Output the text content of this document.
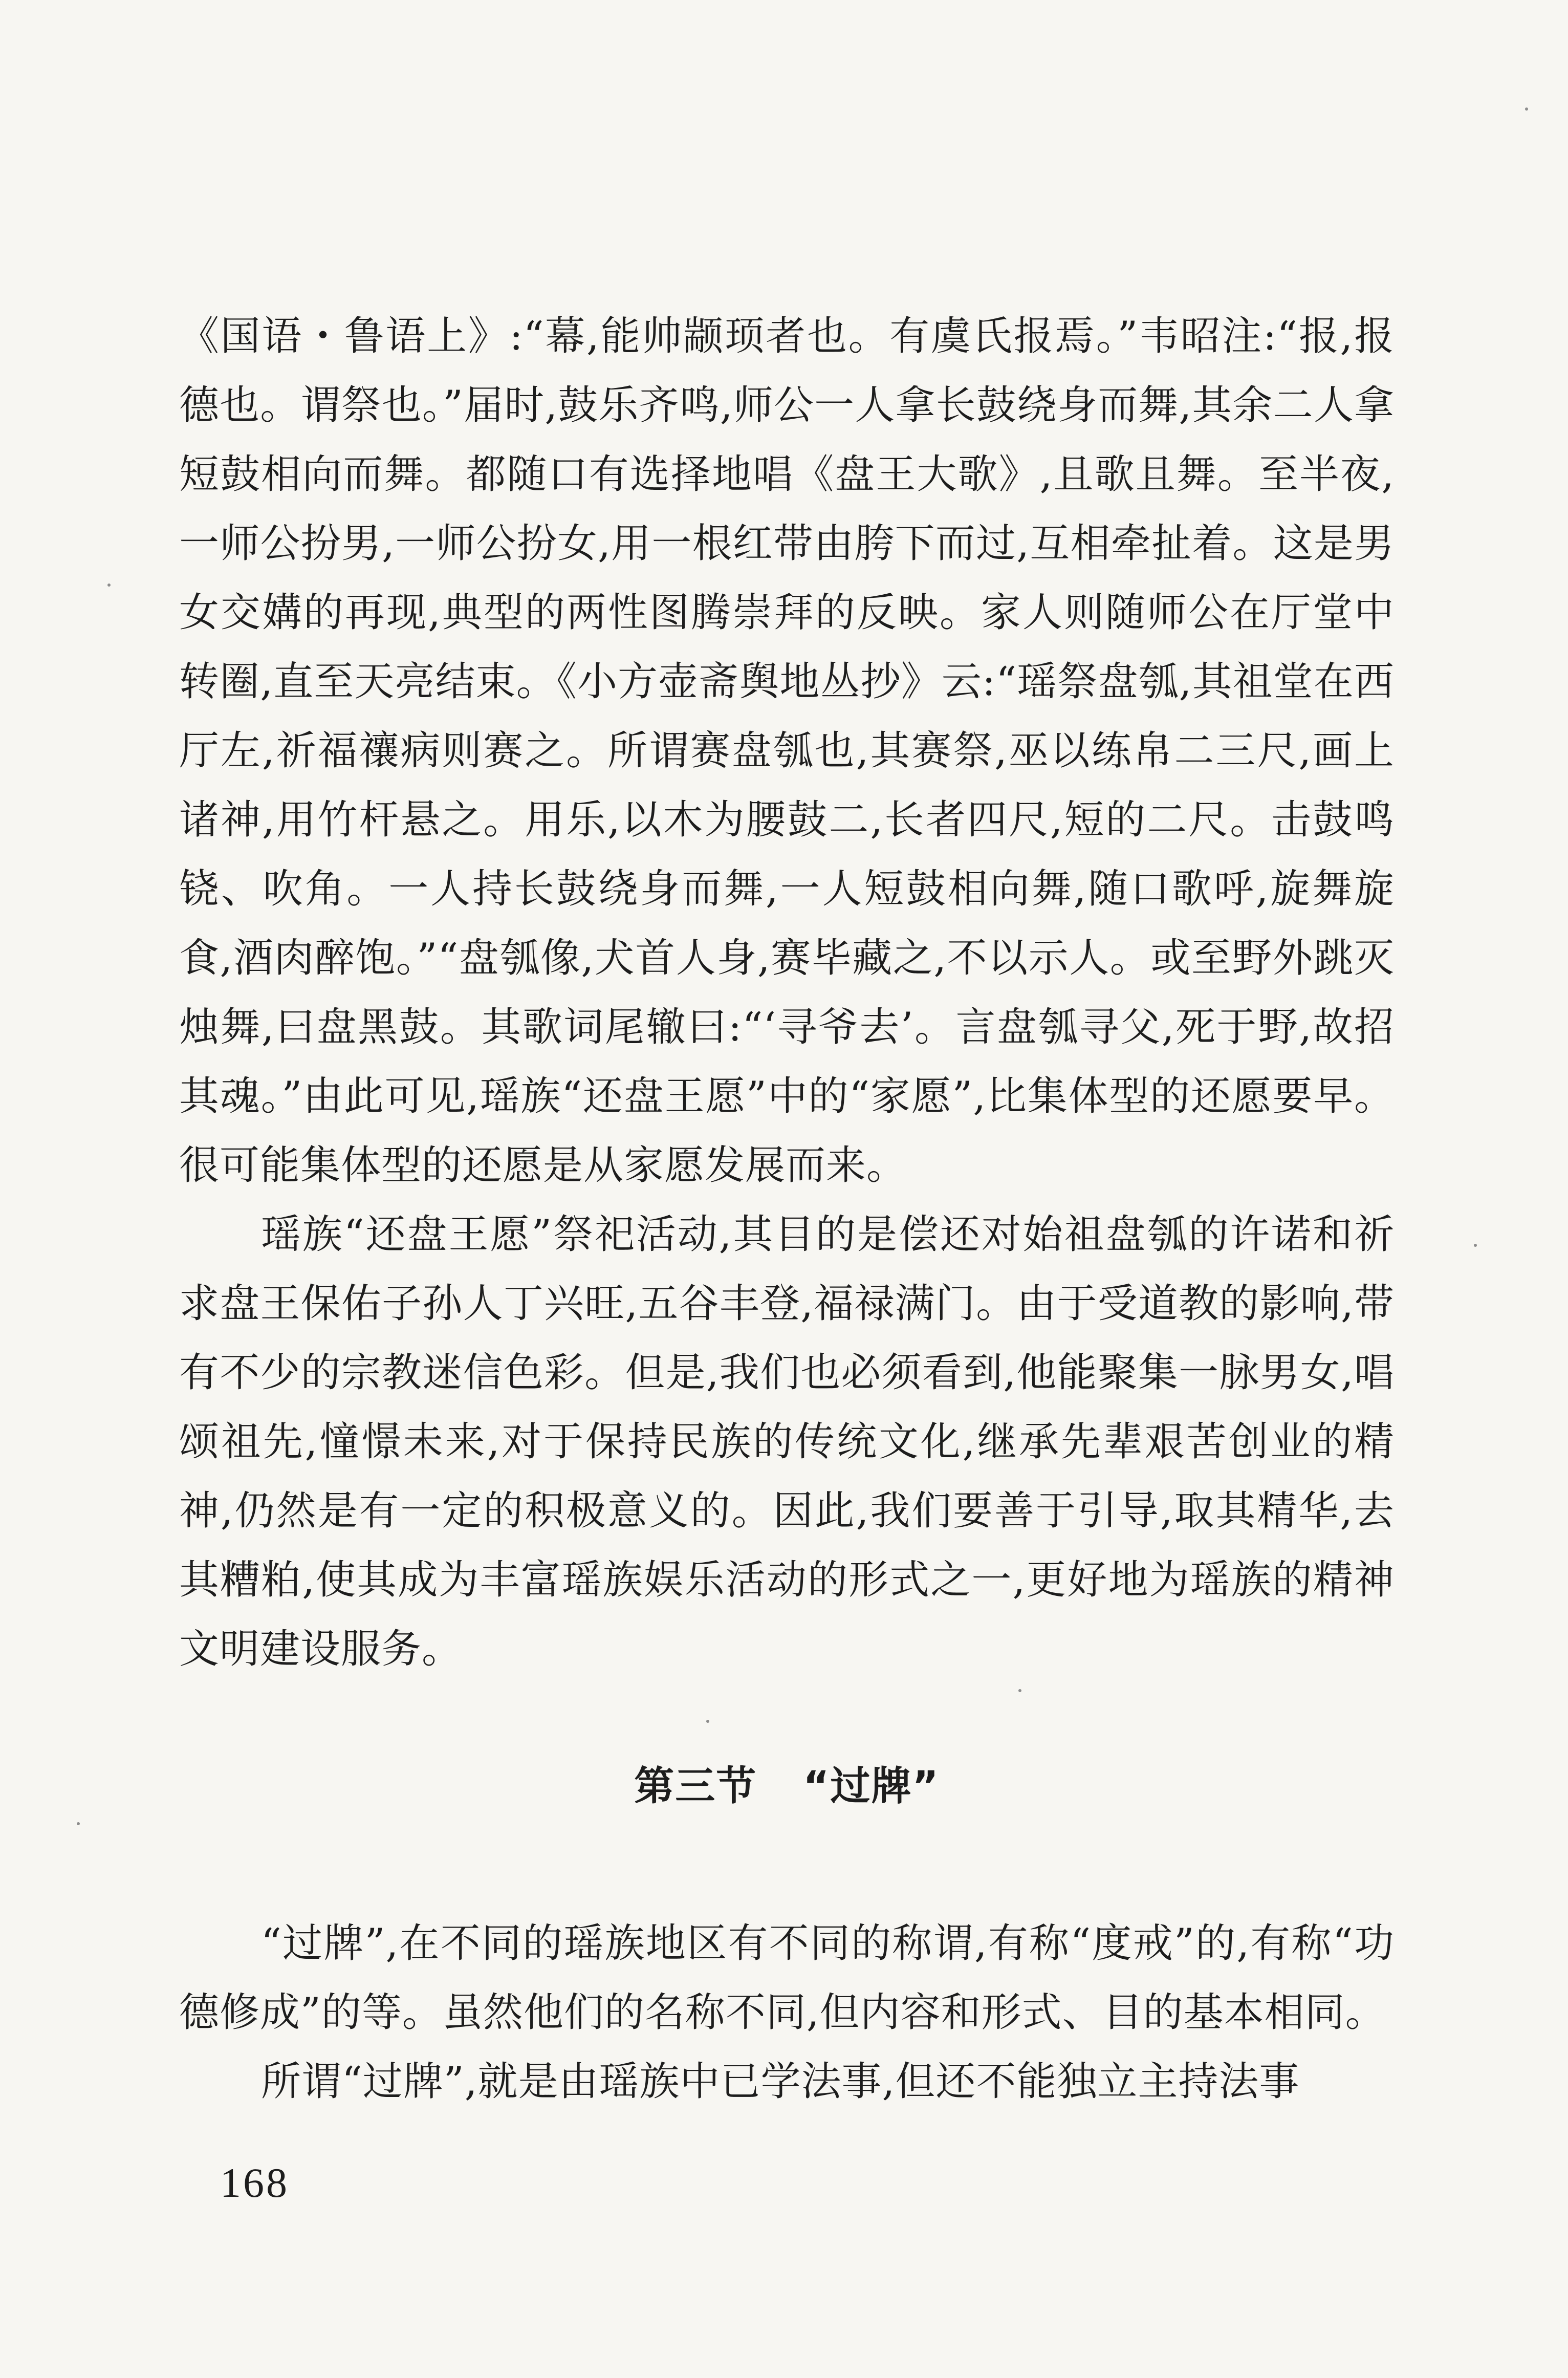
《国语・鲁语上》:“幕,能帅颛顼者也。有虞氏报焉。”韦昭注:“报,报德也。谓祭也。”届时,鼓乐齐鸣,师公一人拿长鼓绕身而舞,其余二人拿短鼓相向而舞。都随口有选择地唱《盘王大歌》,且歌且舞。至半夜,一师公扮男,一师公扮女,用一根红带由胯下而过,互相牵扯着。这是男女交媾的再现,典型的两性图腾崇拜的反映。家人则随师公在厅堂中转圈,直至天亮结束。《小方壶斋舆地丛抄》云:“瑶祭盘瓠,其祖堂在西厅左,祈福禳病则赛之。所谓赛盘瓠也,其赛祭,巫以练帛二三尺,画上诸神,用竹杆悬之。用乐,以木为腰鼓二,长者四尺,短的二尺。击鼓鸣铙、吹角。一人持长鼓绕身而舞,一人短鼓相向舞,随口歌呼,旋舞旋食,酒肉醉饱。”“盘瓠像,犬首人身,赛毕藏之,不以示人。或至野外跳灭烛舞,曰盘黑鼓。其歌词尾辙曰:“‘寻爷去’。言盘瓠寻父,死于野,故招其魂。”由此可见,瑶族“还盘王愿”中的“家愿”,比集体型的还愿要早。很可能集体型的还愿是从家愿发展而来。

瑶族“还盘王愿”祭祀活动,其目的是偿还对始祖盘瓠的许诺和祈求盘王保佑子孙人丁兴旺,五谷丰登,福禄满门。由于受道教的影响,带有不少的宗教迷信色彩。但是,我们也必须看到,他能聚集一脉男女,唱颂祖先,憧憬未来,对于保持民族的传统文化,继承先辈艰苦创业的精神,仍然是有一定的积极意义的。因此,我们要善于引导,取其精华,去其糟粕,使其成为丰富瑶族娱乐活动的形式之一,更好地为瑶族的精神文明建设服务。

第三节 “过牌”

“过牌”,在不同的瑶族地区有不同的称谓,有称“度戒”的,有称“功德修成”的等。虽然他们的名称不同,但内容和形式、目的基本相同。

所谓“过牌”,就是由瑶族中已学法事,但还不能独立主持法事

168
